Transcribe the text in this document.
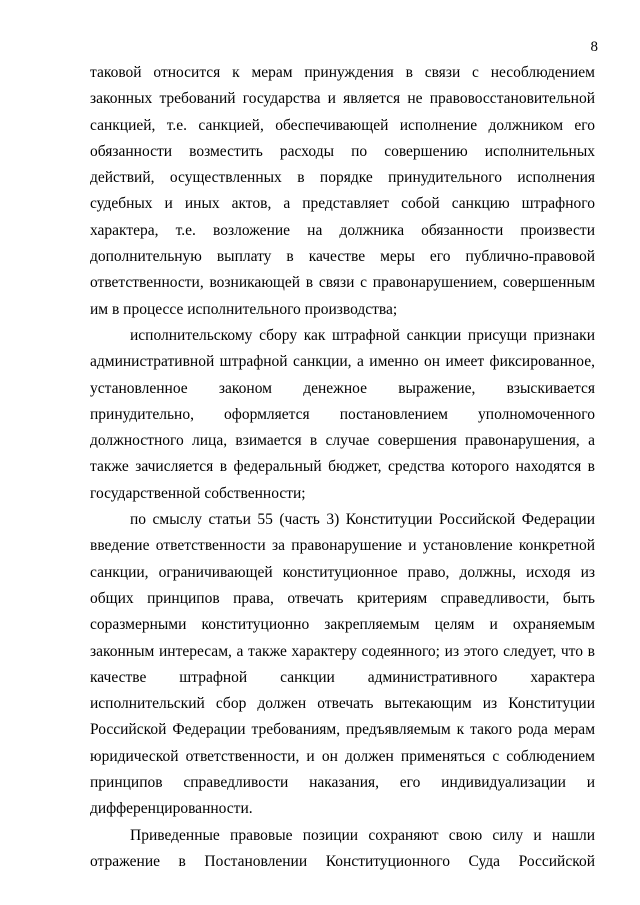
8
таковой относится к мерам принуждения в связи с несоблюдением
законных требований государства и является не правовосстановительной
санкцией, т.е. санкцией, обеспечивающей исполнение должником его
обязанности возместить расходы по совершению исполнительных
действий, осуществленных в порядке принудительного исполнения
судебных и иных актов, а представляет собой санкцию штрафного
характера, т.е. возложение на должника обязанности произвести
дополнительную выплату в качестве меры его публично-правовой
ответственности, возникающей в связи с правонарушением, совершенным
им в процессе исполнительного производства;
исполнительскому сбору как штрафной санкции присущи признаки
административной штрафной санкции, а именно он имеет фиксированное,
установленное законом денежное выражение, взыскивается
принудительно, оформляется постановлением уполномоченного
должностного лица, взимается в случае совершения правонарушения, а
также зачисляется в федеральный бюджет, средства которого находятся в
государственной собственности;
по смыслу статьи 55 (часть 3) Конституции Российской Федерации
введение ответственности за правонарушение и установление конкретной
санкции, ограничивающей конституционное право, должны, исходя из
общих принципов права, отвечать критериям справедливости, быть
соразмерными конституционно закрепляемым целям и охраняемым
законным интересам, а также характеру содеянного; из этого следует, что в
качестве штрафной санкции административного характера
исполнительский сбор должен отвечать вытекающим из Конституции
Российской Федерации требованиям, предъявляемым к такого рода мерам
юридической ответственности, и он должен применяться с соблюдением
принципов справедливости наказания, его индивидуализации и
дифференцированности.
Приведенные правовые позиции сохраняют свою силу и нашли
отражение в Постановлении Конституционного Суда Российской
